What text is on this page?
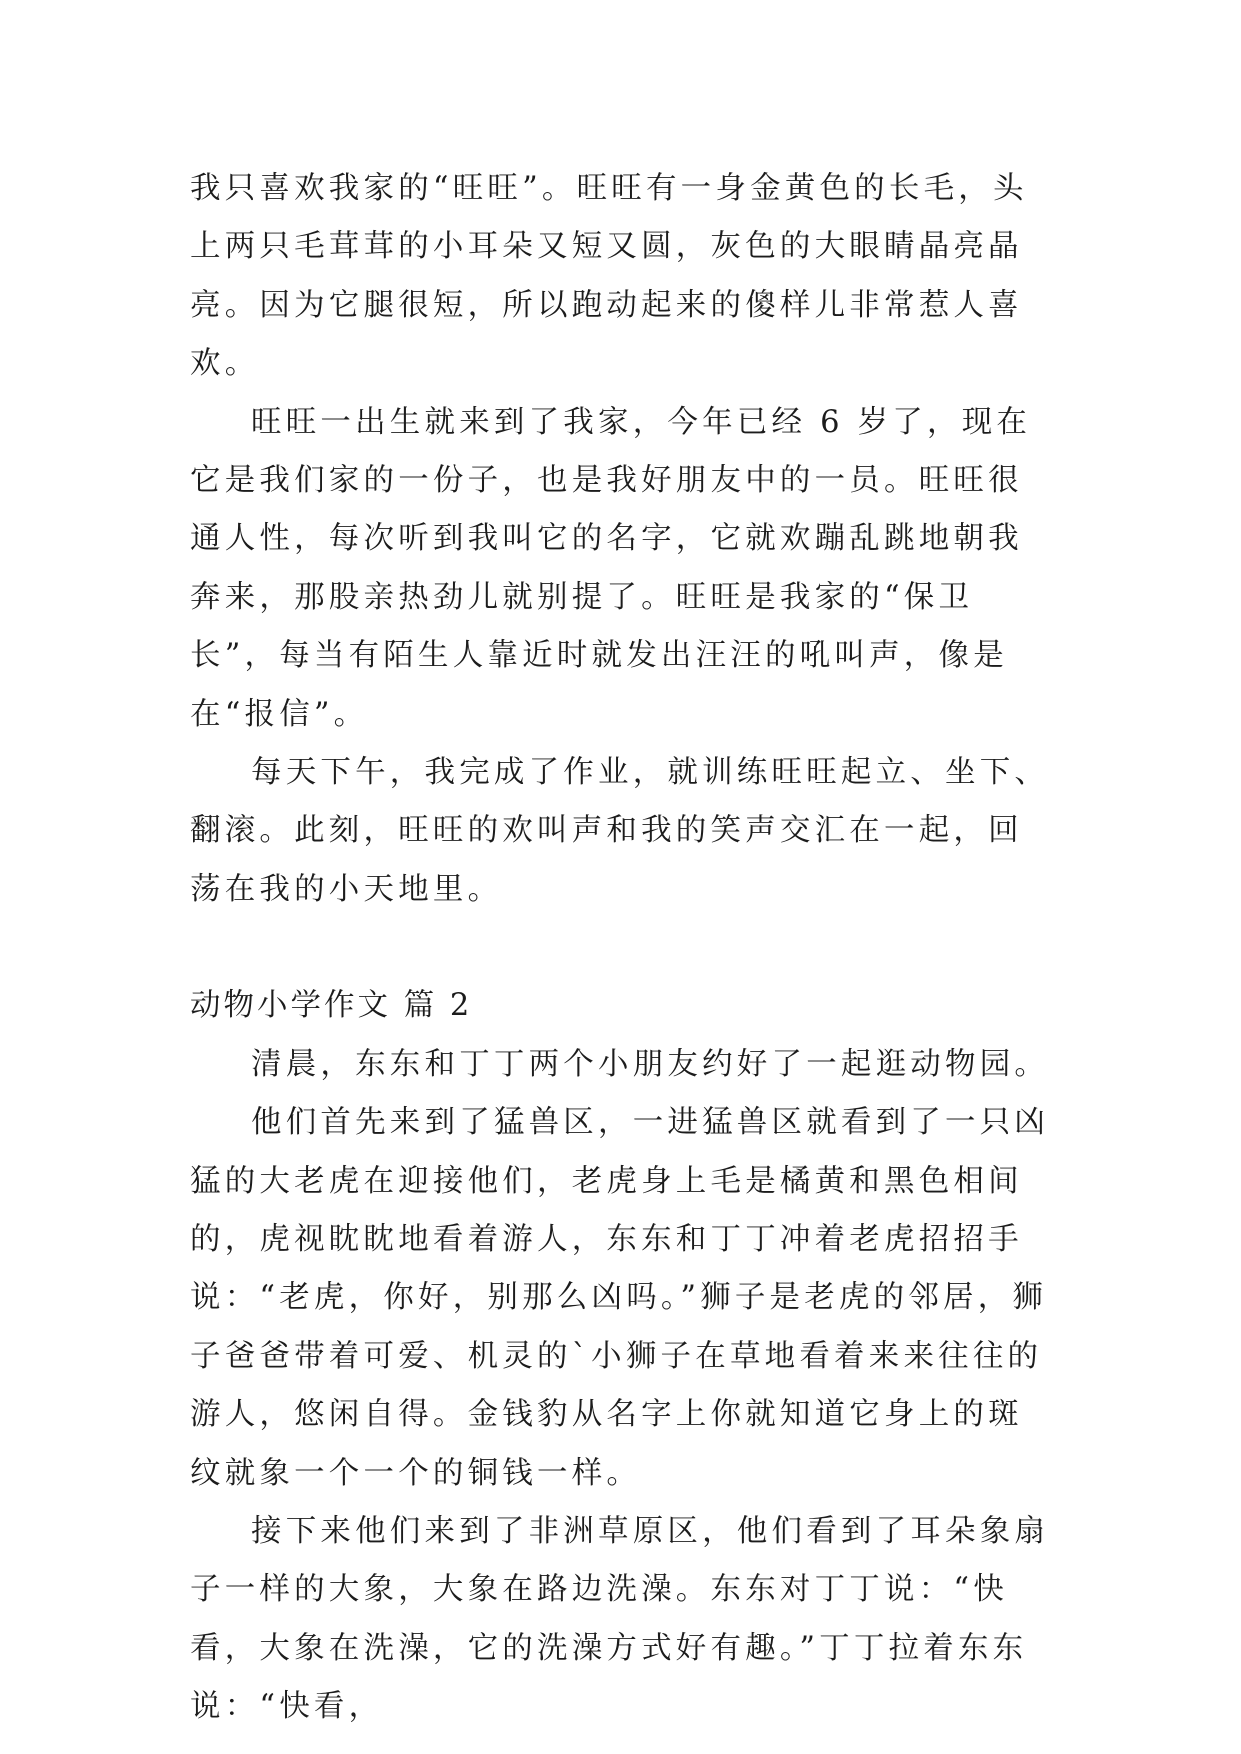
我只喜欢我家的“旺旺”。旺旺有一身金黄色的长毛，头上两只毛茸茸的小耳朵又短又圆，灰色的大眼睛晶亮晶亮。因为它腿很短，所以跑动起来的傻样儿非常惹人喜欢。

旺旺一出生就来到了我家，今年已经 6 岁了，现在它是我们家的一份子，也是我好朋友中的一员。旺旺很通人性，每次听到我叫它的名字，它就欢蹦乱跳地朝我奔来，那股亲热劲儿就别提了。旺旺是我家的“保卫长”，每当有陌生人靠近时就发出汪汪的吼叫声，像是在“报信”。

每天下午，我完成了作业，就训练旺旺起立、坐下、翻滚。此刻，旺旺的欢叫声和我的笑声交汇在一起，回荡在我的小天地里。

动物小学作文 篇 2

清晨，东东和丁丁两个小朋友约好了一起逛动物园。

他们首先来到了猛兽区，一进猛兽区就看到了一只凶猛的大老虎在迎接他们，老虎身上毛是橘黄和黑色相间的，虎视眈眈地看着游人，东东和丁丁冲着老虎招招手说：“老虎，你好，别那么凶吗。”狮子是老虎的邻居，狮子爸爸带着可爱、机灵的`小狮子在草地看着来来往往的游人，悠闲自得。金钱豹从名字上你就知道它身上的斑纹就象一个一个的铜钱一样。

接下来他们来到了非洲草原区，他们看到了耳朵象扇子一样的大象，大象在路边洗澡。东东对丁丁说：“快看，大象在洗澡，它的洗澡方式好有趣。”丁丁拉着东东说：“快看，
